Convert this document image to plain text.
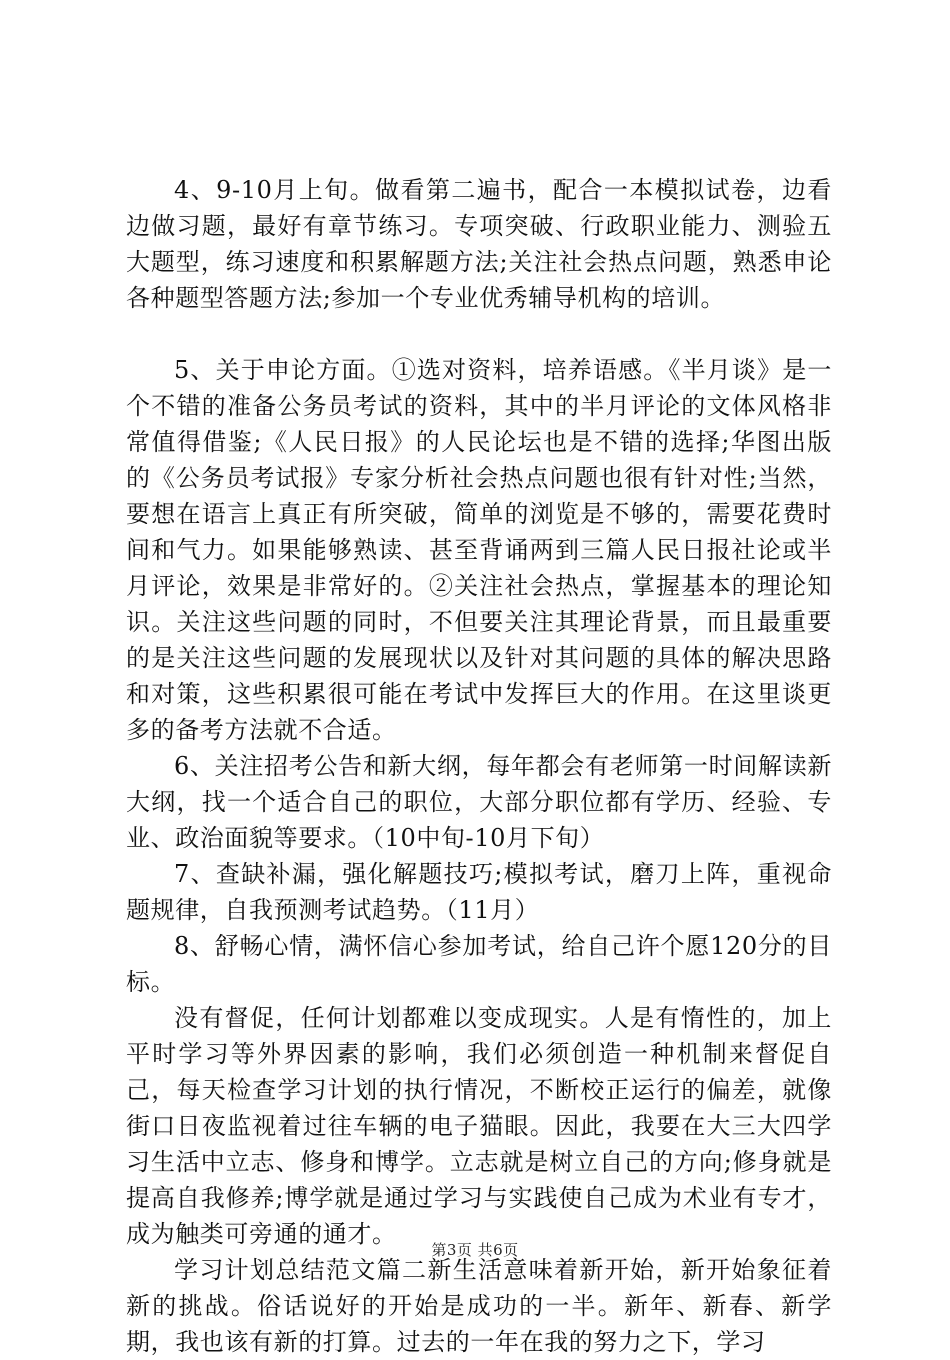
4、9-10月上旬。做看第二遍书，配合一本模拟试卷，边看边做习题，最好有章节练习。专项突破、行政职业能力、测验五大题型，练习速度和积累解题方法;关注社会热点问题，熟悉申论各种题型答题方法;参加一个专业优秀辅导机构的培训。

5、关于申论方面。①选对资料，培养语感。《半月谈》是一个不错的准备公务员考试的资料，其中的半月评论的文体风格非常值得借鉴;《人民日报》的人民论坛也是不错的选择;华图出版的《公务员考试报》专家分析社会热点问题也很有针对性;当然，要想在语言上真正有所突破，简单的浏览是不够的，需要花费时间和气力。如果能够熟读、甚至背诵两到三篇人民日报社论或半月评论，效果是非常好的。②关注社会热点，掌握基本的理论知识。关注这些问题的同时，不但要关注其理论背景，而且最重要的是关注这些问题的发展现状以及针对其问题的具体的解决思路和对策，这些积累很可能在考试中发挥巨大的作用。在这里谈更多的备考方法就不合适。

6、关注招考公告和新大纲，每年都会有老师第一时间解读新大纲，找一个适合自己的职位，大部分职位都有学历、经验、专业、政治面貌等要求。（10中旬-10月下旬）

7、查缺补漏，强化解题技巧;模拟考试，磨刀上阵，重视命题规律，自我预测考试趋势。（11月）

8、舒畅心情，满怀信心参加考试，给自己许个愿120分的目标。

没有督促，任何计划都难以变成现实。人是有惰性的，加上平时学习等外界因素的影响，我们必须创造一种机制来督促自己，每天检查学习计划的执行情况，不断校正运行的偏差，就像街口日夜监视着过往车辆的电子猫眼。因此，我要在大三大四学习生活中立志、修身和博学。立志就是树立自己的方向;修身就是提高自我修养;博学就是通过学习与实践使自己成为术业有专才，成为触类可旁通的通才。

学习计划总结范文篇二新生活意味着新开始，新开始象征着新的挑战。俗话说好的开始是成功的一半。新年、新春、新学期，我也该有新的打算。过去的一年在我的努力之下，学习

第3页 共6页
